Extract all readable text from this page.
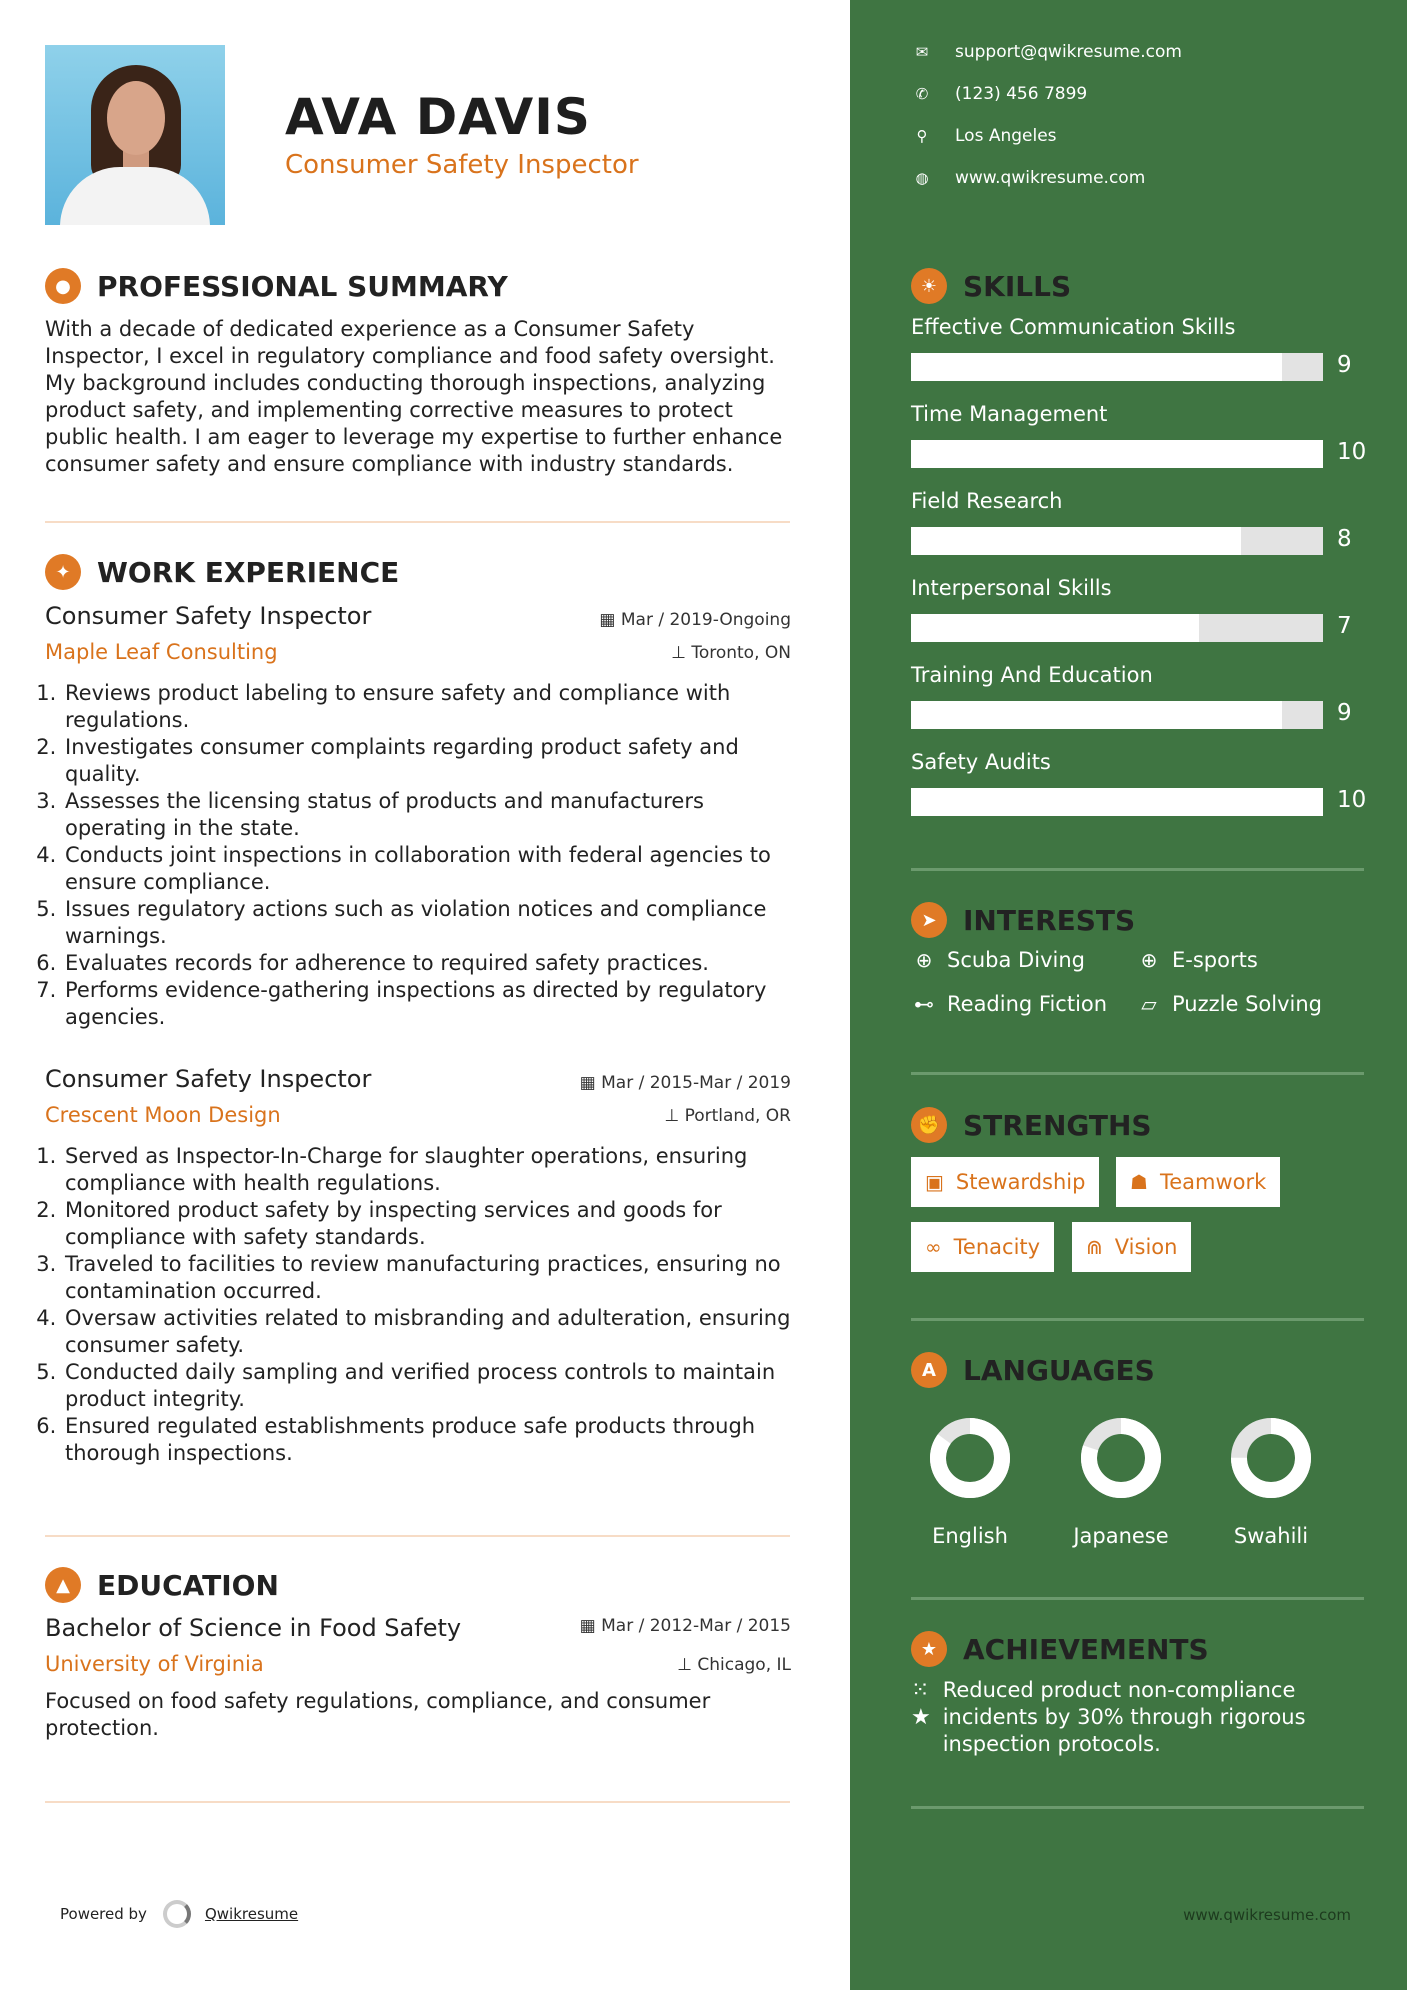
AVA DAVIS
Consumer Safety Inspector
● PROFESSIONAL SUMMARY
With a decade of dedicated experience as a Consumer Safety Inspector, I excel in regulatory compliance and food safety oversight. My background includes conducting thorough inspections, analyzing product safety, and implementing corrective measures to protect public health. I am eager to leverage my expertise to further enhance consumer safety and ensure compliance with industry standards.
✦ WORK EXPERIENCE
Consumer Safety Inspector	▦ Mar / 2019-Ongoing
Maple Leaf Consulting	⊥ Toronto, ON
1. Reviews product labeling to ensure safety and compliance with regulations.
2. Investigates consumer complaints regarding product safety and quality.
3. Assesses the licensing status of products and manufacturers operating in the state.
4. Conducts joint inspections in collaboration with federal agencies to ensure compliance.
5. Issues regulatory actions such as violation notices and compliance warnings.
6. Evaluates records for adherence to required safety practices.
7. Performs evidence-gathering inspections as directed by regulatory agencies.
Consumer Safety Inspector	▦ Mar / 2015-Mar / 2019
Crescent Moon Design	⊥ Portland, OR
1. Served as Inspector-In-Charge for slaughter operations, ensuring compliance with health regulations.
2. Monitored product safety by inspecting services and goods for compliance with safety standards.
3. Traveled to facilities to review manufacturing practices, ensuring no contamination occurred.
4. Oversaw activities related to misbranding and adulteration, ensuring consumer safety.
5. Conducted daily sampling and verified process controls to maintain product integrity.
6. Ensured regulated establishments produce safe products through thorough inspections.
▲ EDUCATION
Bachelor of Science in Food Safety	▦ Mar / 2012-Mar / 2015
University of Virginia	⊥ Chicago, IL
Focused on food safety regulations, compliance, and consumer protection.
Powered by	Qwikresume
✉ support@qwikresume.com
✆ (123) 456 7899
⚲	Los Angeles
◍ www.qwikresume.com
☀ SKILLS
Effective Communication Skills
9
Time Management
10
Field Research
8
Interpersonal Skills
7
Training And Education
9
Safety Audits
10
➤ INTERESTS
⊕ Scuba Diving	⊕ E-sports
⊷ Reading Fiction ▱ Puzzle Solving
✊ STRENGTHS
▣ Stewardship ☗ Teamwork
∞ Tenacity ⋒ Vision
A LANGUAGES
English	Japanese	Swahili
★ ACHIEVEMENTS
⁙★
Reduced product non-compliance incidents by 30% through rigorous inspection protocols.
www.qwikresume.com
